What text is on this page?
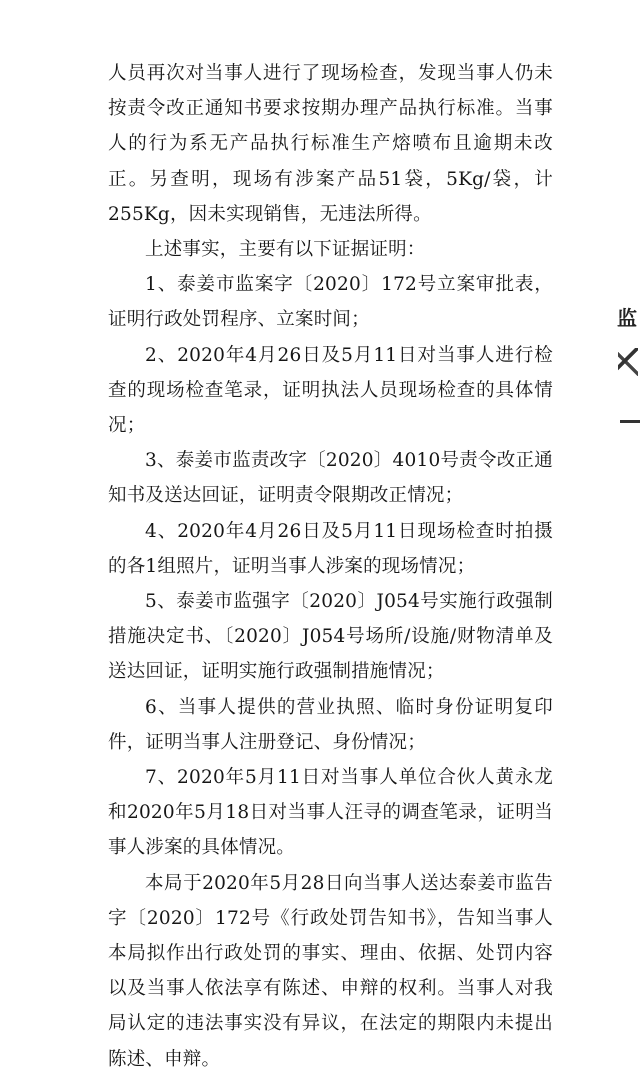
人员再次对当事人进行了现场检查，发现当事人仍未按责令改正通知书要求按期办理产品执行标准。当事人的行为系无产品执行标准生产熔喷布且逾期未改正。另查明，现场有涉案产品51袋，5Kg/袋，计255Kg，因未实现销售，无违法所得。

上述事实，主要有以下证据证明：

1、泰姜市监案字〔2020〕172号立案审批表，证明行政处罚程序、立案时间；

2、2020年4月26日及5月11日对当事人进行检查的现场检查笔录，证明执法人员现场检查的具体情况；

3、泰姜市监责改字〔2020〕4010号责令改正通知书及送达回证，证明责令限期改正情况；

4、2020年4月26日及5月11日现场检查时拍摄的各1组照片，证明当事人涉案的现场情况；

5、泰姜市监强字〔2020〕J054号实施行政强制措施决定书、〔2020〕J054号场所/设施/财物清单及送达回证，证明实施行政强制措施情况；

6、当事人提供的营业执照、临时身份证明复印件，证明当事人注册登记、身份情况；

7、2020年5月11日对当事人单位合伙人黄永龙和2020年5月18日对当事人汪寻的调查笔录，证明当事人涉案的具体情况。

本局于2020年5月28日向当事人送达泰姜市监告字〔2020〕172号《行政处罚告知书》，告知当事人本局拟作出行政处罚的事实、理由、依据、处罚内容以及当事人依法享有陈述、申辩的权利。当事人对我局认定的违法事实没有异议，在法定的期限内未提出陈述、申辩。

监
